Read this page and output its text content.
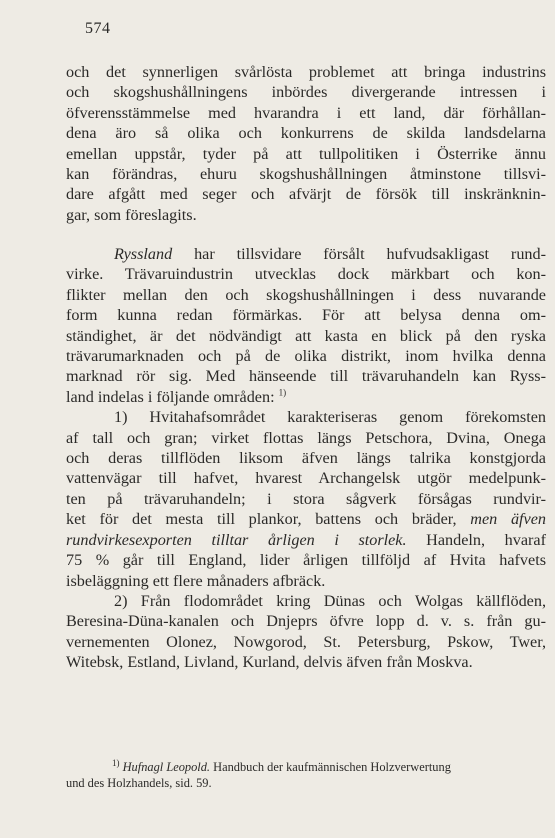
574
och det synnerligen svårlösta problemet att bringa industrins
och skogshushållningens inbördes divergerande intressen i
öfverensstämmelse med hvarandra i ett land, där förhållan-
dena äro så olika och konkurrens de skilda landsdelarna
emellan uppstår, tyder på att tullpolitiken i Österrike ännu
kan förändras, ehuru skogshushållningen åtminstone tillsvi-
dare afgått med seger och afvärjt de försök till inskränknin-
gar, som föreslagits.
Ryssland har tillsvidare försålt hufvudsakligast rund-
virke. Trävaruindustrin utvecklas dock märkbart och kon-
flikter mellan den och skogshushållningen i dess nuvarande
form kunna redan förmärkas. För att belysa denna om-
ständighet, är det nödvändigt att kasta en blick på den ryska
trävarumarknaden och på de olika distrikt, inom hvilka denna
marknad rör sig. Med hänseende till trävaruhandeln kan Ryss-
land indelas i följande områden: $^{1)}$
1) Hvitahafsområdet karakteriseras genom förekomsten
af tall och gran; virket flottas längs Petschora, Dvina, Onega
och deras tillflöden liksom äfven längs talrika konstgjorda
vattenvägar till hafvet, hvarest Archangelsk utgör medelpunk-
ten på trävaruhandeln; i stora sågverk försågas rundvir-
ket för det mesta till plankor, battens och bräder, men äfven
rundvirkesexporten tilltar årligen i storlek. Handeln, hvaraf
75 % går till England, lider årligen tillföljd af Hvita hafvets
isbeläggning ett flere månaders afbräck.
2) Från flodområdet kring Dünas och Wolgas källflöden,
Beresina-Düna-kanalen och Dnjeprs öfvre lopp d. v. s. från gu-
vernementen Olonez, Nowgorod, St. Petersburg, Pskow, Twer,
Witebsk, Estland, Livland, Kurland, delvis äfven från Moskva.
$^{1)}$ Hufnagl Leopold. Handbuch der kaufmännischen Holzverwertung
und des Holzhandels, sid. 59.
